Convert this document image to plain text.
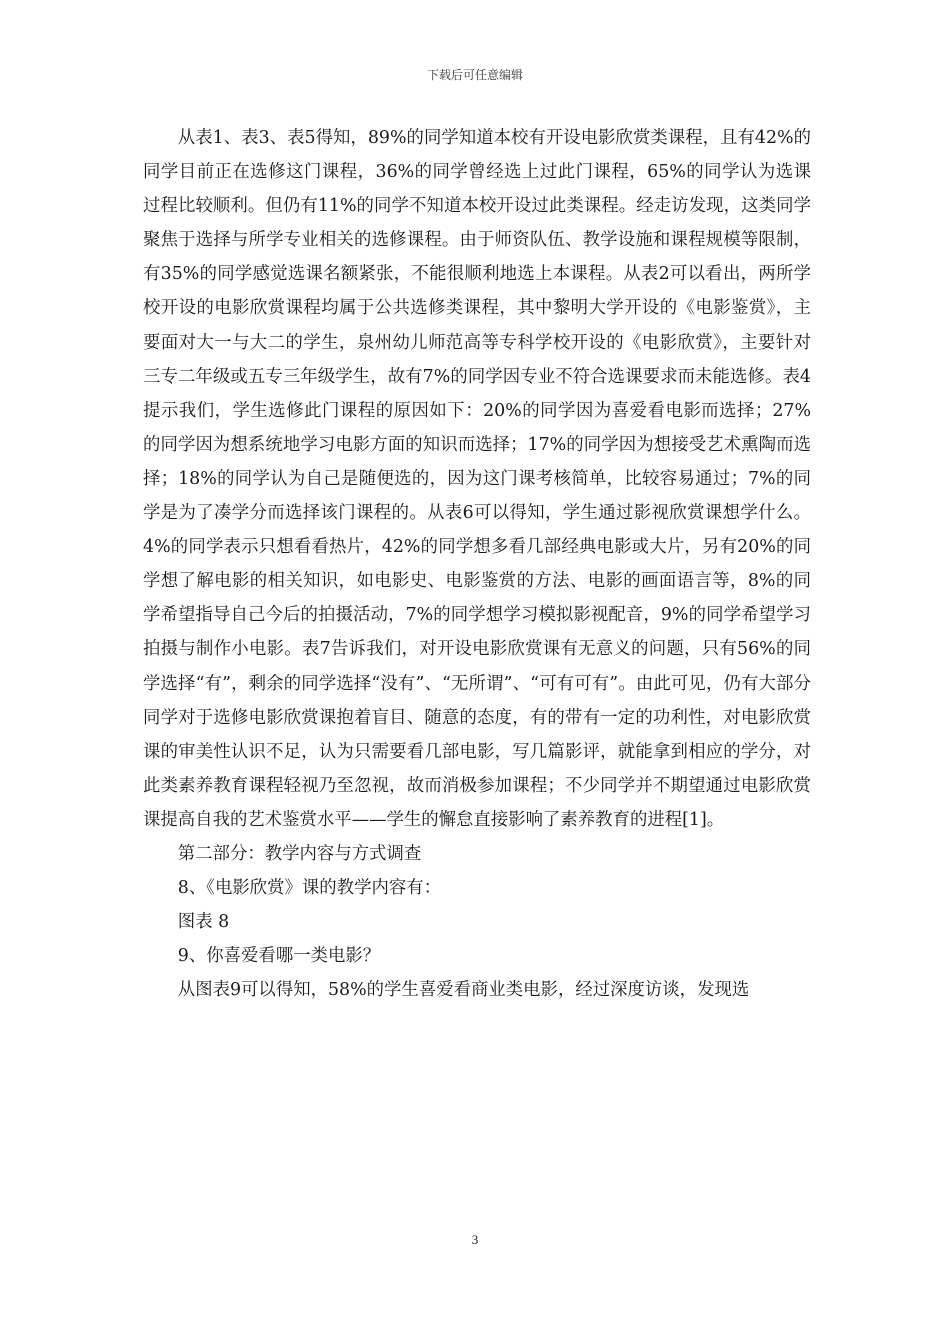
下载后可任意编辑

从表1、表3、表5得知，89%的同学知道本校有开设电影欣赏类课程，且有42%的同学目前正在选修这门课程，36%的同学曾经选上过此门课程，65%的同学认为选课过程比较顺利。但仍有11%的同学不知道本校开设过此类课程。经走访发现，这类同学聚焦于选择与所学专业相关的选修课程。由于师资队伍、教学设施和课程规模等限制，有35%的同学感觉选课名额紧张，不能很顺利地选上本课程。从表2可以看出，两所学校开设的电影欣赏课程均属于公共选修类课程，其中黎明大学开设的《电影鉴赏》，主要面对大一与大二的学生，泉州幼儿师范高等专科学校开设的《电影欣赏》，主要针对三专二年级或五专三年级学生，故有7%的同学因专业不符合选课要求而未能选修。表4提示我们，学生选修此门课程的原因如下：20%的同学因为喜爱看电影而选择；27%的同学因为想系统地学习电影方面的知识而选择；17%的同学因为想接受艺术熏陶而选择；18%的同学认为自己是随便选的，因为这门课考核简单，比较容易通过；7%的同学是为了凑学分而选择该门课程的。从表6可以得知，学生通过影视欣赏课想学什么。4%的同学表示只想看看热片，42%的同学想多看几部经典电影或大片，另有20%的同学想了解电影的相关知识，如电影史、电影鉴赏的方法、电影的画面语言等，8%的同学希望指导自己今后的拍摄活动，7%的同学想学习模拟影视配音，9%的同学希望学习拍摄与制作小电影。表7告诉我们，对开设电影欣赏课有无意义的问题，只有56%的同学选择“有”，剩余的同学选择“没有”、“无所谓”、“可有可有”。由此可见，仍有大部分同学对于选修电影欣赏课抱着盲目、随意的态度，有的带有一定的功利性，对电影欣赏课的审美性认识不足，认为只需要看几部电影，写几篇影评，就能拿到相应的学分，对此类素养教育课程轻视乃至忽视，故而消极参加课程；不少同学并不期望通过电影欣赏课提高自我的艺术鉴赏水平——学生的懈怠直接影响了素养教育的进程[1]。

第二部分：教学内容与方式调查

8、《电影欣赏》课的教学内容有：

图表 8

9、你喜爱看哪一类电影？

从图表9可以得知，58%的学生喜爱看商业类电影，经过深度访谈，发现选

3
